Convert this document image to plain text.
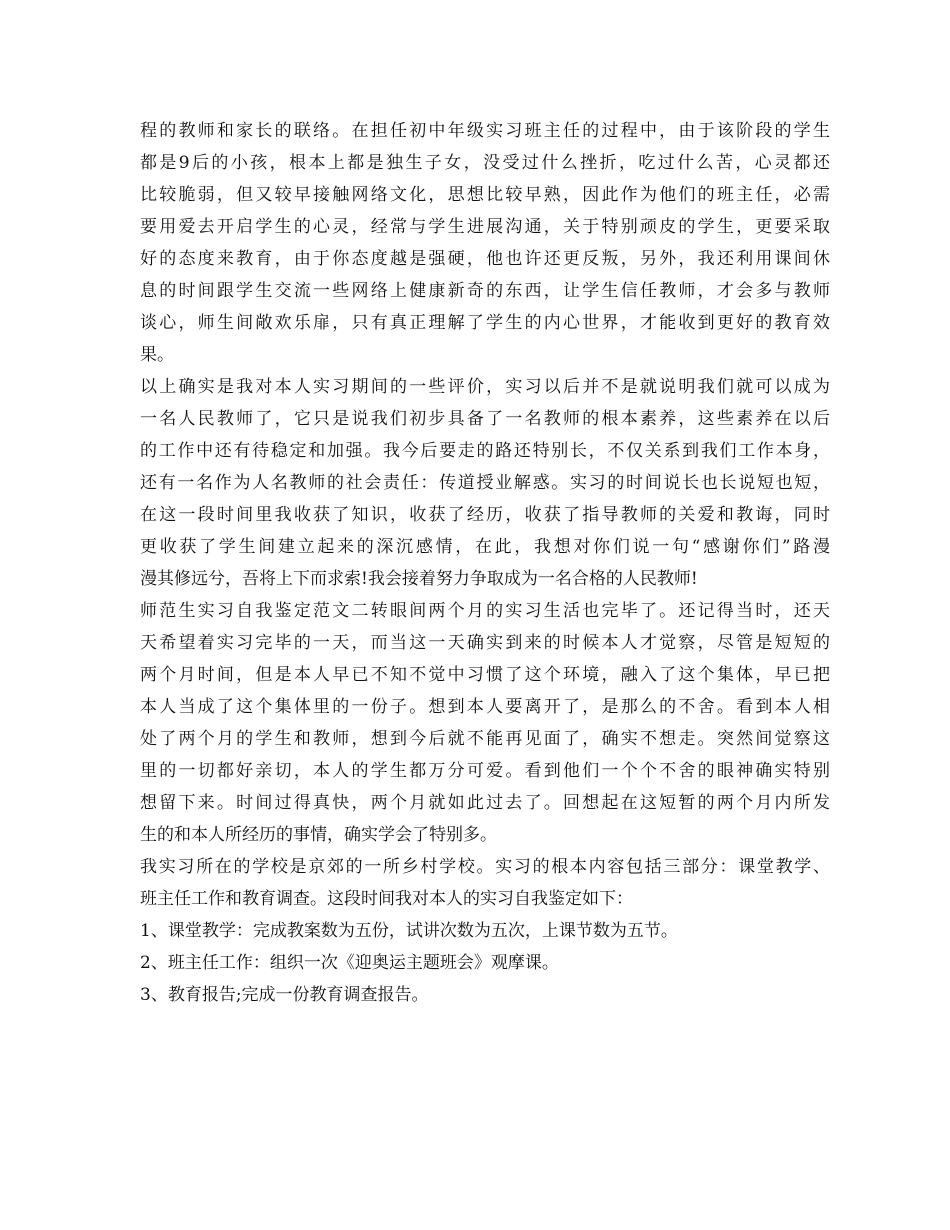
程的教师和家长的联络。在担任初中年级实习班主任的过程中，由于该阶段的学生
都是9后的小孩，根本上都是独生子女，没受过什么挫折，吃过什么苦，心灵都还
比较脆弱，但又较早接触网络文化，思想比较早熟，因此作为他们的班主任，必需
要用爱去开启学生的心灵，经常与学生进展沟通，关于特别顽皮的学生，更要采取
好的态度来教育，由于你态度越是强硬，他也许还更反叛，另外，我还利用课间休
息的时间跟学生交流一些网络上健康新奇的东西，让学生信任教师，才会多与教师
谈心，师生间敞欢乐扉，只有真正理解了学生的内心世界，才能收到更好的教育效
果。
以上确实是我对本人实习期间的一些评价，实习以后并不是就说明我们就可以成为
一名人民教师了，它只是说我们初步具备了一名教师的根本素养，这些素养在以后
的工作中还有待稳定和加强。我今后要走的路还特别长，不仅关系到我们工作本身，
还有一名作为人名教师的社会责任：传道授业解惑。实习的时间说长也长说短也短，
在这一段时间里我收获了知识，收获了经历，收获了指导教师的关爱和教诲，同时
更收获了学生间建立起来的深沉感情，在此，我想对你们说一句“感谢你们”路漫
漫其修远兮，吾将上下而求索!我会接着努力争取成为一名合格的人民教师!
师范生实习自我鉴定范文二转眼间两个月的实习生活也完毕了。还记得当时，还天
天希望着实习完毕的一天，而当这一天确实到来的时候本人才觉察，尽管是短短的
两个月时间，但是本人早已不知不觉中习惯了这个环境，融入了这个集体，早已把
本人当成了这个集体里的一份子。想到本人要离开了，是那么的不舍。看到本人相
处了两个月的学生和教师，想到今后就不能再见面了，确实不想走。突然间觉察这
里的一切都好亲切，本人的学生都万分可爱。看到他们一个个不舍的眼神确实特别
想留下来。时间过得真快，两个月就如此过去了。回想起在这短暂的两个月内所发
生的和本人所经历的事情，确实学会了特别多。
我实习所在的学校是京郊的一所乡村学校。实习的根本内容包括三部分：课堂教学、
班主任工作和教育调查。这段时间我对本人的实习自我鉴定如下：
1、课堂教学：完成教案数为五份，试讲次数为五次，上课节数为五节。
2、班主任工作：组织一次《迎奥运主题班会》观摩课。
3、教育报告;完成一份教育调查报告。
